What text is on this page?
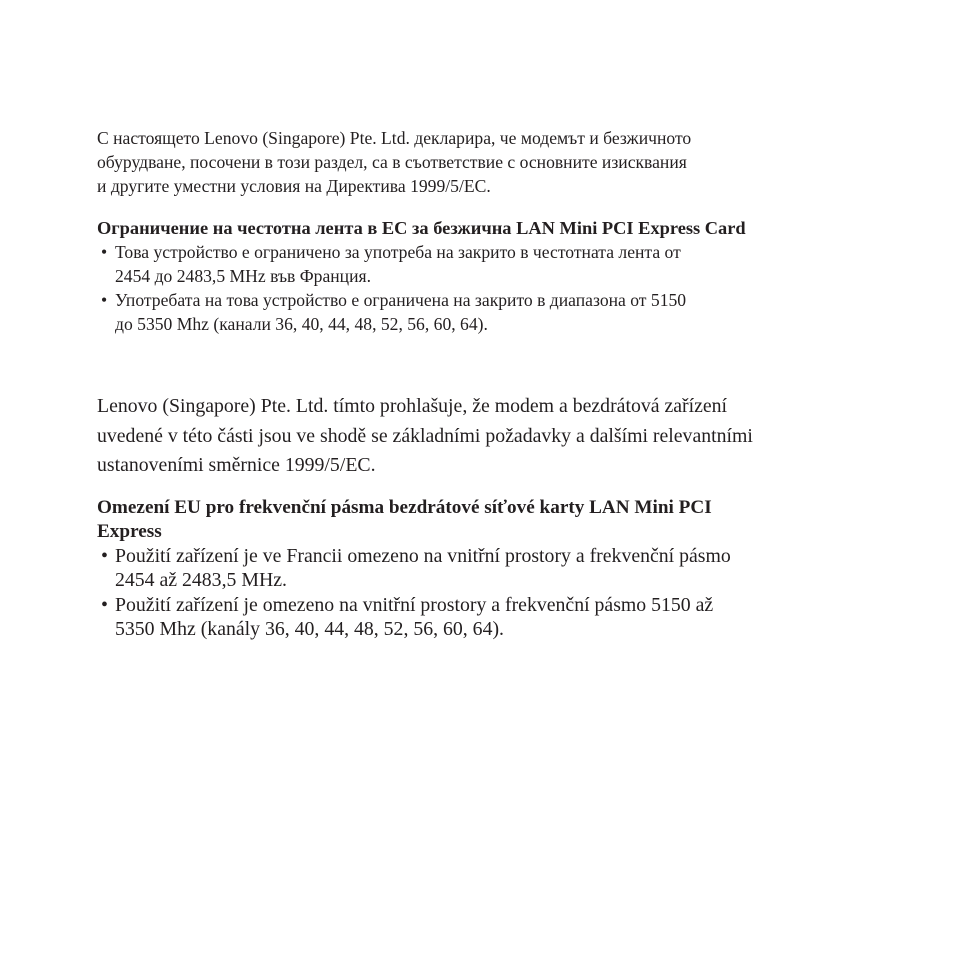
С настоящето Lenovo (Singapore) Pte. Ltd. декларира, че модемът и безжичното
обурудване, посочени в този раздел, са в съответствие с основните изисквания
и другите уместни условия на Директива 1999/5/EC.

Ограничение на честотна лента в ЕС за безжична LAN Mini PCI Express Card

• Това устройство е ограничено за употреба на закрито в честотната лента от
2454 до 2483,5 MHz във Франция.
• Употребата на това устройство е ограничена на закрито в диапазона от 5150
до 5350 Mhz (канали 36, 40, 44, 48, 52, 56, 60, 64).

Lenovo (Singapore) Pte. Ltd. tímto prohlašuje, že modem a bezdrátová zařízení
uvedené v této části jsou ve shodě se základními požadavky a dalšími relevantními
ustanoveními směrnice 1999/5/EC.

Omezení EU pro frekvenční pásma bezdrátové síťové karty LAN Mini PCI
Express

• Použití zařízení je ve Francii omezeno na vnitřní prostory a frekvenční pásmo
2454 až 2483,5 MHz.
• Použití zařízení je omezeno na vnitřní prostory a frekvenční pásmo 5150 až
5350 Mhz (kanály 36, 40, 44, 48, 52, 56, 60, 64).
